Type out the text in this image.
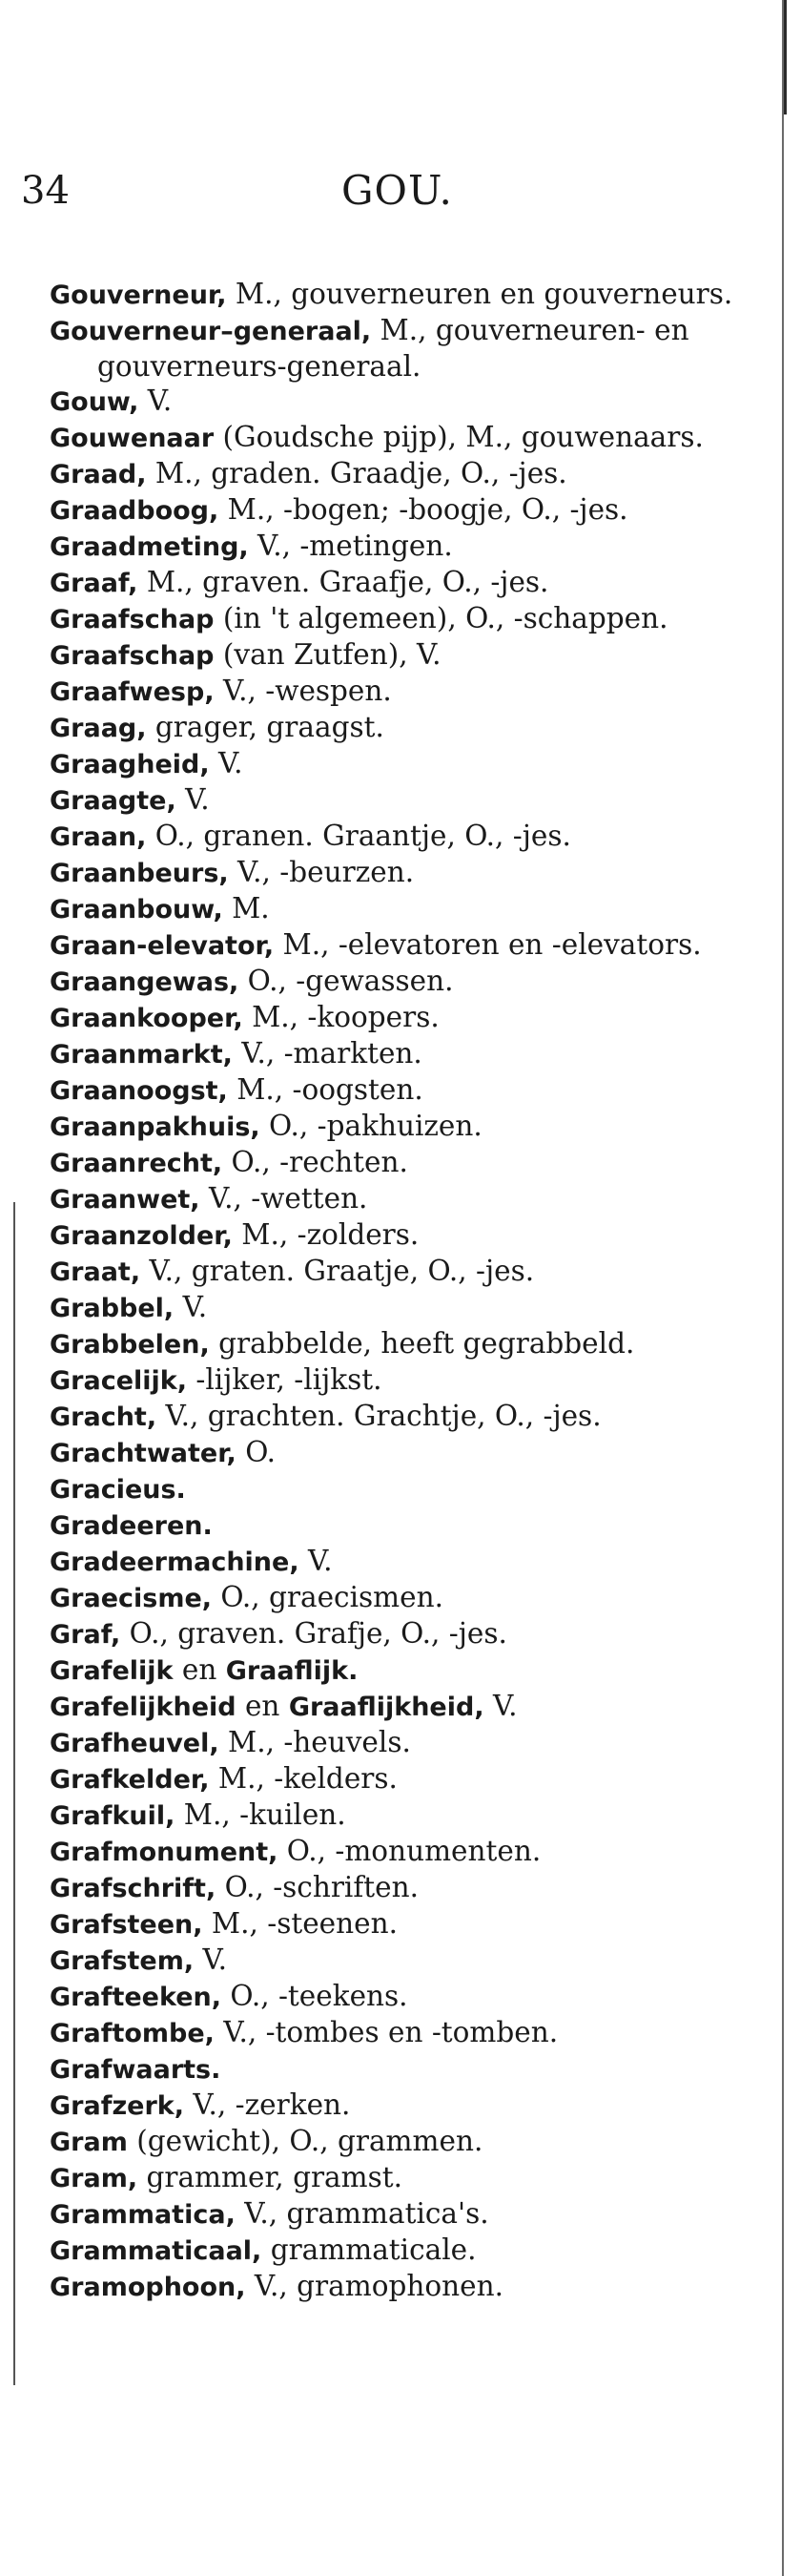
34	GOU.

Gouverneur, M., gouverneuren en gouverneurs.

Gouverneur–generaal, M., gouverneuren- en gouverneurs-generaal.

Gouw, V.

Gouwenaar (Goudsche pijp), M., gouwenaars.

Graad, M., graden. Graadje, O., -jes.

Graadboog, M., -bogen; -boogje, O., -jes.

Graadmeting, V., -metingen.

Graaf, M., graven. Graafje, O., -jes.

Graafschap (in 't algemeen), O., -schappen.

Graafschap (van Zutfen), V.

Graafwesp, V., -wespen.

Graag, grager, graagst.

Graagheid, V.

Graagte, V.

Graan, O., granen. Graantje, O., -jes.

Graanbeurs, V., -beurzen.

Graanbouw, M.

Graan-elevator, M., -elevatoren en -elevators.

Graangewas, O., -gewassen.

Graankooper, M., -koopers.

Graanmarkt, V., -markten.

Graanoogst, M., -oogsten.

Graanpakhuis, O., -pakhuizen.

Graanrecht, O., -rechten.

Graanwet, V., -wetten.

Graanzolder, M., -zolders.

Graat, V., graten. Graatje, O., -jes.

Grabbel, V.

Grabbelen, grabbelde, heeft gegrabbeld.

Gracelijk, -lijker, -lijkst.

Gracht, V., grachten. Grachtje, O., -jes.

Grachtwater, O.

Gracieus.

Gradeeren.

Gradeermachine, V.

Graecisme, O., graecismen.

Graf, O., graven. Grafje, O., -jes.

Grafelijk en Graaflijk.

Grafelijkheid en Graaflijkheid, V.

Grafheuvel, M., -heuvels.

Grafkelder, M., -kelders.

Grafkuil, M., -kuilen.

Grafmonument, O., -monumenten.

Grafschrift, O., -schriften.

Grafsteen, M., -steenen.

Grafstem, V.

Grafteeken, O., -teekens.

Graftombe, V., -tombes en -tomben.

Grafwaarts.

Grafzerk, V., -zerken.

Gram (gewicht), O., grammen.

Gram, grammer, gramst.

Grammatica, V., grammatica's.

Grammaticaal, grammaticale.

Gramophoon, V., gramophonen.
